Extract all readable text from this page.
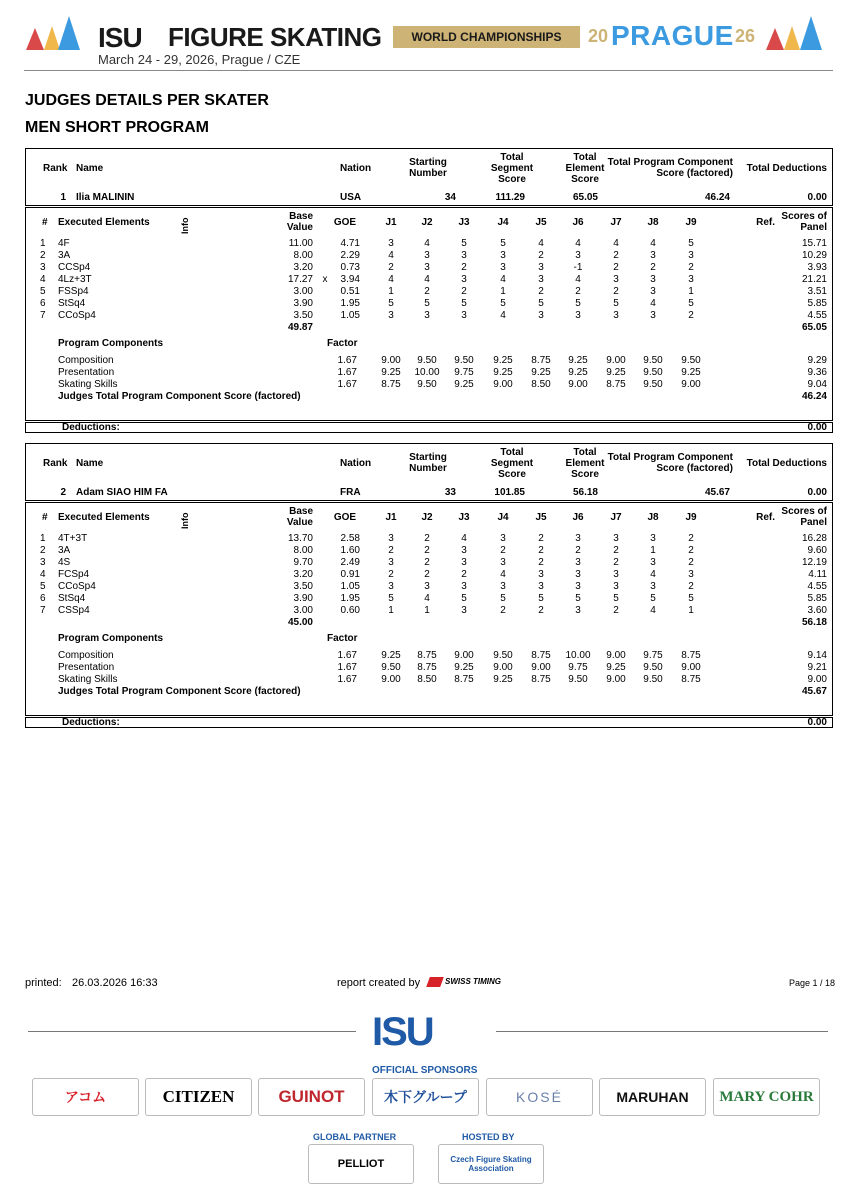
ISU FIGURE SKATING
March 24 - 29, 2026, Prague / CZE
WORLD CHAMPIONSHIPS	20 PRAGUE 26
JUDGES DETAILS PER SKATER
MEN SHORT PROGRAM
Rank Name	Nation
Starting
Number
Total
Segment
Score
Total
Element
Score
Total Program Component
Score (factored)	Total Deductions
1 Ilia MALININ	USA	34	111.29	65.05	46.24	0.00
# Executed Elements	Info
Base
Value	GOE	J1	J2	J3	J4	J5	J6	J7	J8	J9	Ref.
Scores of
Panel
1	4F	11.00	4.71	3	4	5	5	4	4	4	4	5	15.71
2	3A	8.00	2.29	4	3	3	3	2	3	2	3	3	10.29
3	CCSp4	3.20	0.73	2	3	2	3	3	-1	2	2	2	3.93
4	4Lz+3T	17.27 x	3.94	4	4	3	4	3	4	3	3	3	21.21
5	FSSp4	3.00	0.51	1	2	2	1	2	2	2	3	1	3.51
6	StSq4	3.90	1.95	5	5	5	5	5	5	5	4	5	5.85
7	CCoSp4	3.50	1.05	3	3	3	4	3	3	3	3	2	4.55
49.87	65.05
Program Components	Factor
Composition	1.67	9.00	9.50	9.50	9.25	8.75	9.25	9.00	9.50	9.50	9.29
Presentation	1.67	9.25	10.00	9.75	9.25	9.25	9.25	9.25	9.50	9.25	9.36
Skating Skills	1.67	8.75	9.50	9.25	9.00	8.50	9.00	8.75	9.50	9.00	9.04
Judges Total Program Component Score (factored)	46.24
Deductions:	0.00
Rank Name	Nation
Starting
Number
Total
Segment
Score
Total
Element
Score
Total Program Component
Score (factored)	Total Deductions
2 Adam SIAO HIM FA	FRA	33	101.85	56.18	45.67	0.00
# Executed Elements	Info
Base
Value	GOE	J1	J2	J3	J4	J5	J6	J7	J8	J9	Ref.
Scores of
Panel
1	4T+3T	13.70	2.58	3	2	4	3	2	3	3	3	2	16.28
2	3A	8.00	1.60	2	2	3	2	2	2	2	1	2	9.60
3	4S	9.70	2.49	3	2	3	3	2	3	2	3	2	12.19
4	FCSp4	3.20	0.91	2	2	2	4	3	3	3	4	3	4.11
5	CCoSp4	3.50	1.05	3	3	3	3	3	3	3	3	2	4.55
6	StSq4	3.90	1.95	5	4	5	5	5	5	5	5	5	5.85
7	CSSp4	3.00	0.60	1	1	3	2	2	3	2	4	1	3.60
45.00	56.18
Program Components	Factor
Composition	1.67	9.25	8.75	9.00	9.50	8.75	10.00	9.00	9.75	8.75	9.14
Presentation	1.67	9.50	8.75	9.25	9.00	9.00	9.75	9.25	9.50	9.00	9.21
Skating Skills	1.67	9.00	8.50	8.75	9.25	8.75	9.50	9.00	9.50	8.75	9.00
Judges Total Program Component Score (factored)	45.67
Deductions:	0.00
printed: 26.03.2026 16:33	report created by	SWISS TIMING	Page 1 / 18
ISU
OFFICIAL SPONSORS
アコム	CITIZEN	GUINOT	木下グループ	KOSÉ	MARUHAN	MARY COHR
GLOBAL PARTNER	HOSTED BY
PELLIOT	Czech Figure Skating Association
